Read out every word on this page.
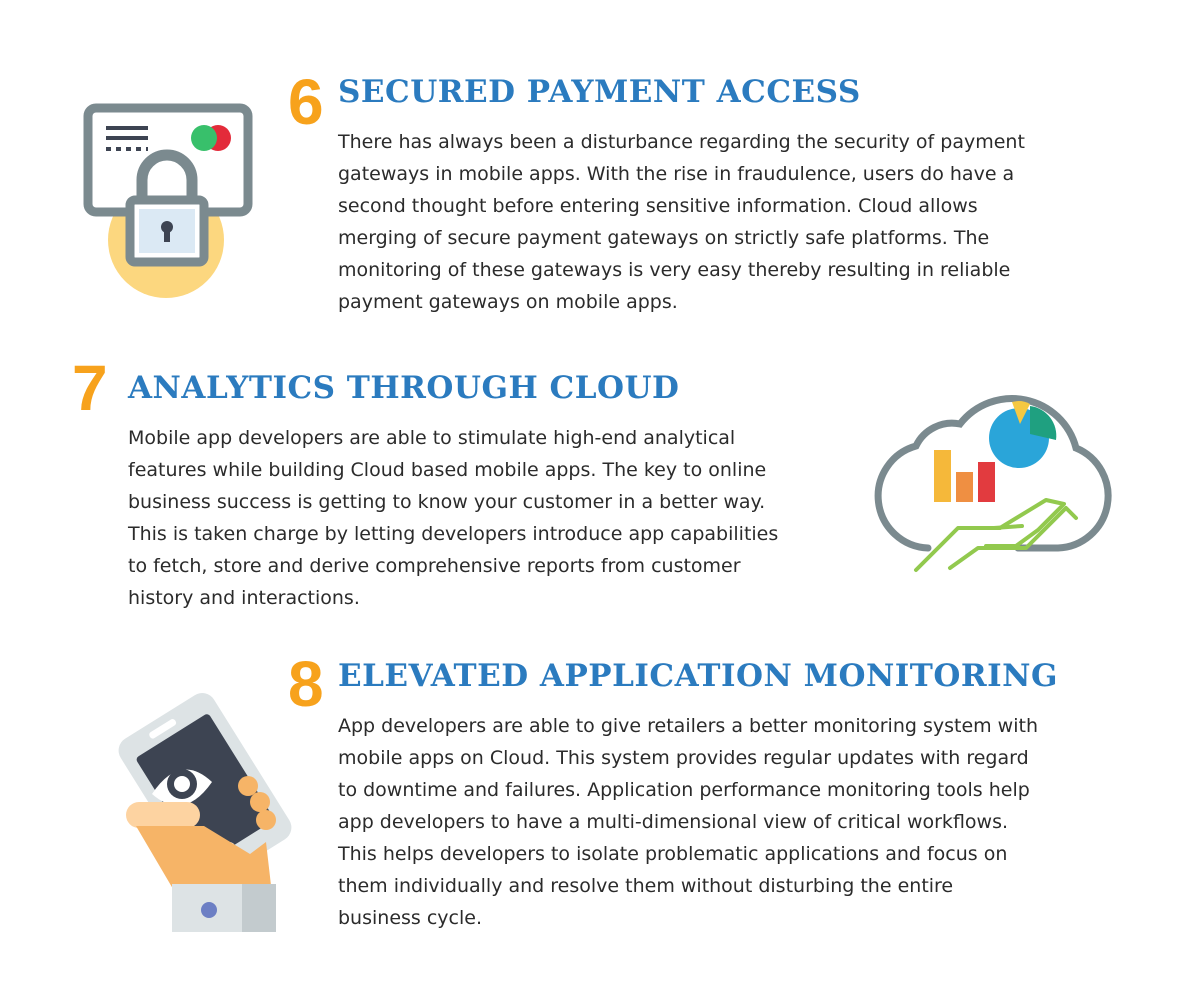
6 SECURED PAYMENT ACCESS

There has always been a disturbance regarding the security of payment
gateways in mobile apps. With the rise in fraudulence, users do have a
second thought before entering sensitive information. Cloud allows
merging of secure payment gateways on strictly safe platforms. The
monitoring of these gateways is very easy thereby resulting in reliable
payment gateways on mobile apps.

7 ANALYTICS THROUGH CLOUD

Mobile app developers are able to stimulate high-end analytical
features while building Cloud based mobile apps. The key to online
business success is getting to know your customer in a better way.
This is taken charge by letting developers introduce app capabilities
to fetch, store and derive comprehensive reports from customer
history and interactions.

8 ELEVATED APPLICATION MONITORING

App developers are able to give retailers a better monitoring system with
mobile apps on Cloud. This system provides regular updates with regard
to downtime and failures. Application performance monitoring tools help
app developers to have a multi-dimensional view of critical workflows.
This helps developers to isolate problematic applications and focus on
them individually and resolve them without disturbing the entire
business cycle.
